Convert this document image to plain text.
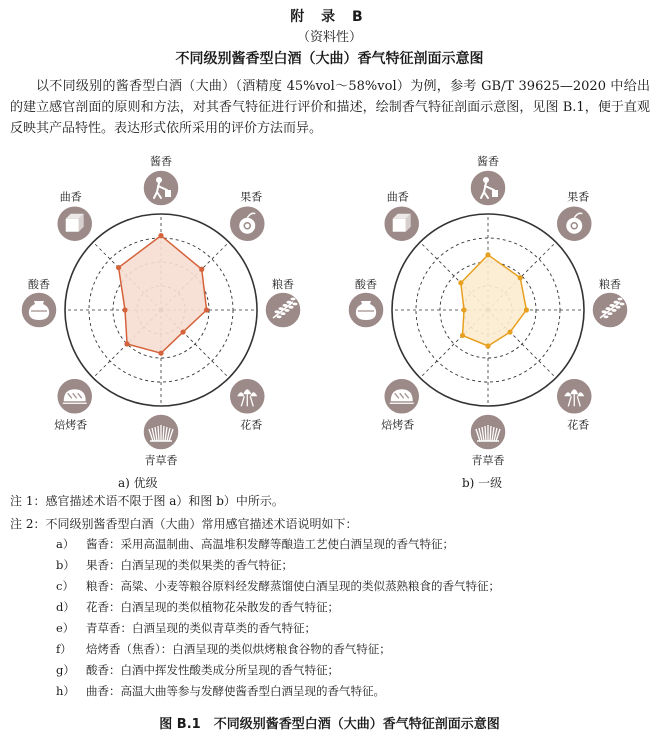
附 录 B
（资料性）
不同级别酱香型白酒（大曲）香气特征剖面示意图
以不同级别的酱香型白酒（大曲）（酒精度 45%vol～58%vol）为例，参考 GB/T 39625—2020 中给出的建立感官剖面的原则和方法，对其香气特征进行评价和描述，绘制香气特征剖面示意图，见图 B.1，便于直观反映其产品特性。表达形式依所采用的评价方法而异。
酱香
果香
粮香
花香
青草香
焙烤香
酸香
曲香
酱香
果香
粮香
花香
青草香
焙烤香
酸香
曲香
a) 优级	b) 一级
注 1：感官描述术语不限于图 a）和图 b）中所示。
注 2：不同级别酱香型白酒（大曲）常用感官描述术语说明如下：
a） 酱香：采用高温制曲、高温堆积发酵等酿造工艺使白酒呈现的香气特征；
b） 果香：白酒呈现的类似果类的香气特征；
c） 粮香：高粱、小麦等粮谷原料经发酵蒸馏使白酒呈现的类似蒸熟粮食的香气特征；
d） 花香：白酒呈现的类似植物花朵散发的香气特征；
e） 青草香：白酒呈现的类似青草类的香气特征；
f） 焙烤香（焦香）：白酒呈现的类似烘烤粮食谷物的香气特征；
g） 酸香：白酒中挥发性酸类成分所呈现的香气特征；
h） 曲香：高温大曲等参与发酵使酱香型白酒呈现的香气特征。
图 B.1　不同级别酱香型白酒（大曲）香气特征剖面示意图
